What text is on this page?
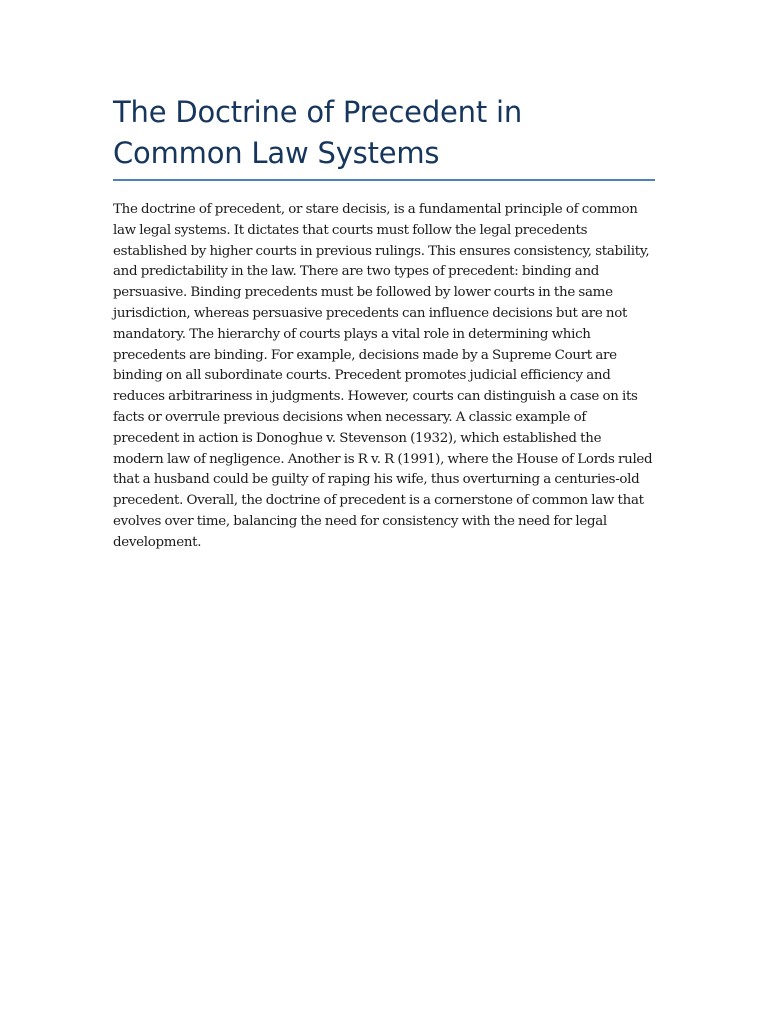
The Doctrine of Precedent in Common Law Systems

The doctrine of precedent, or stare decisis, is a fundamental principle of common law legal systems. It dictates that courts must follow the legal precedents established by higher courts in previous rulings. This ensures consistency, stability, and predictability in the law. There are two types of precedent: binding and persuasive. Binding precedents must be followed by lower courts in the same jurisdiction, whereas persuasive precedents can influence decisions but are not mandatory. The hierarchy of courts plays a vital role in determining which precedents are binding. For example, decisions made by a Supreme Court are binding on all subordinate courts. Precedent promotes judicial efficiency and reduces arbitrariness in judgments. However, courts can distinguish a case on its facts or overrule previous decisions when necessary. A classic example of precedent in action is Donoghue v. Stevenson (1932), which established the modern law of negligence. Another is R v. R (1991), where the House of Lords ruled that a husband could be guilty of raping his wife, thus overturning a centuries-old precedent. Overall, the doctrine of precedent is a cornerstone of common law that evolves over time, balancing the need for consistency with the need for legal development.
